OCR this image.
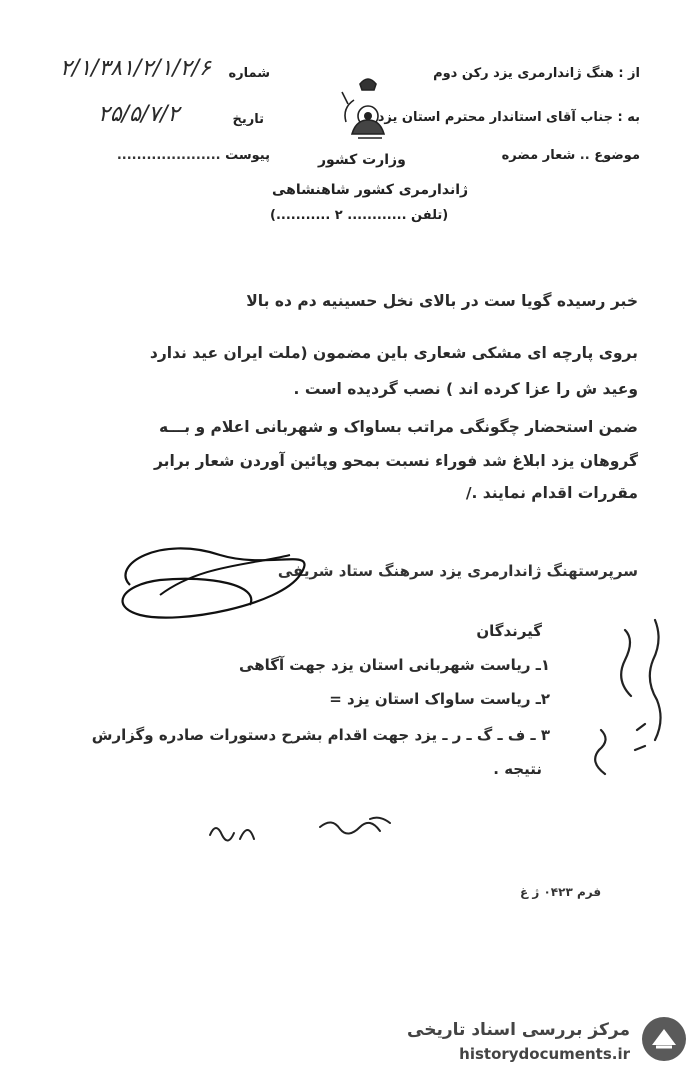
از : هنگ ژاندارمری یزد رکن دوم
به : جناب آقای استاندار محترم استان یزد
موضوع .. شعار مضره
شماره
۲/۱/۳۸۱/۲/۱/۲/۶
تاریخ
۲۵/۵/۷/۲
پیوست .....................	وزارت کشور
ژاندارمری کشور شاهنشاهی
(تلفن ............ ۲ ...........)
خبر رسیده گویا ست در بالای نخل حسینیه دم ده بالا
بروی پارچه ای مشکی شعاری باین مضمون (ملت ایران عید ندارد
وعید ش را عزا کرده اند ) نصب گردیده است .
ضمن استحضار چگونگی مراتب بساواک و شهربانی اعلام و بـــه
گروهان یزد ابلاغ شد فوراء نسبت بمحو وپائین آوردن شعار برابر
مقررات اقدام نمایند ./
سرپرستهنگ ژاندارمری یزد سرهنگ ستاد شریفی
گیرندگان
۱ـ ریاست شهربانی استان یزد جهت آگاهی
۲ـ ریاست ساواک استان یزد =
۳ ـ ف ـ گ ـ ر ـ یزد جهت اقدام بشرح دستورات صادره وگزارش
نتیجه .
فرم ۰۴۲۳ ژ غ
مرکز بررسی اسناد تاریخی
historydocuments.ir
